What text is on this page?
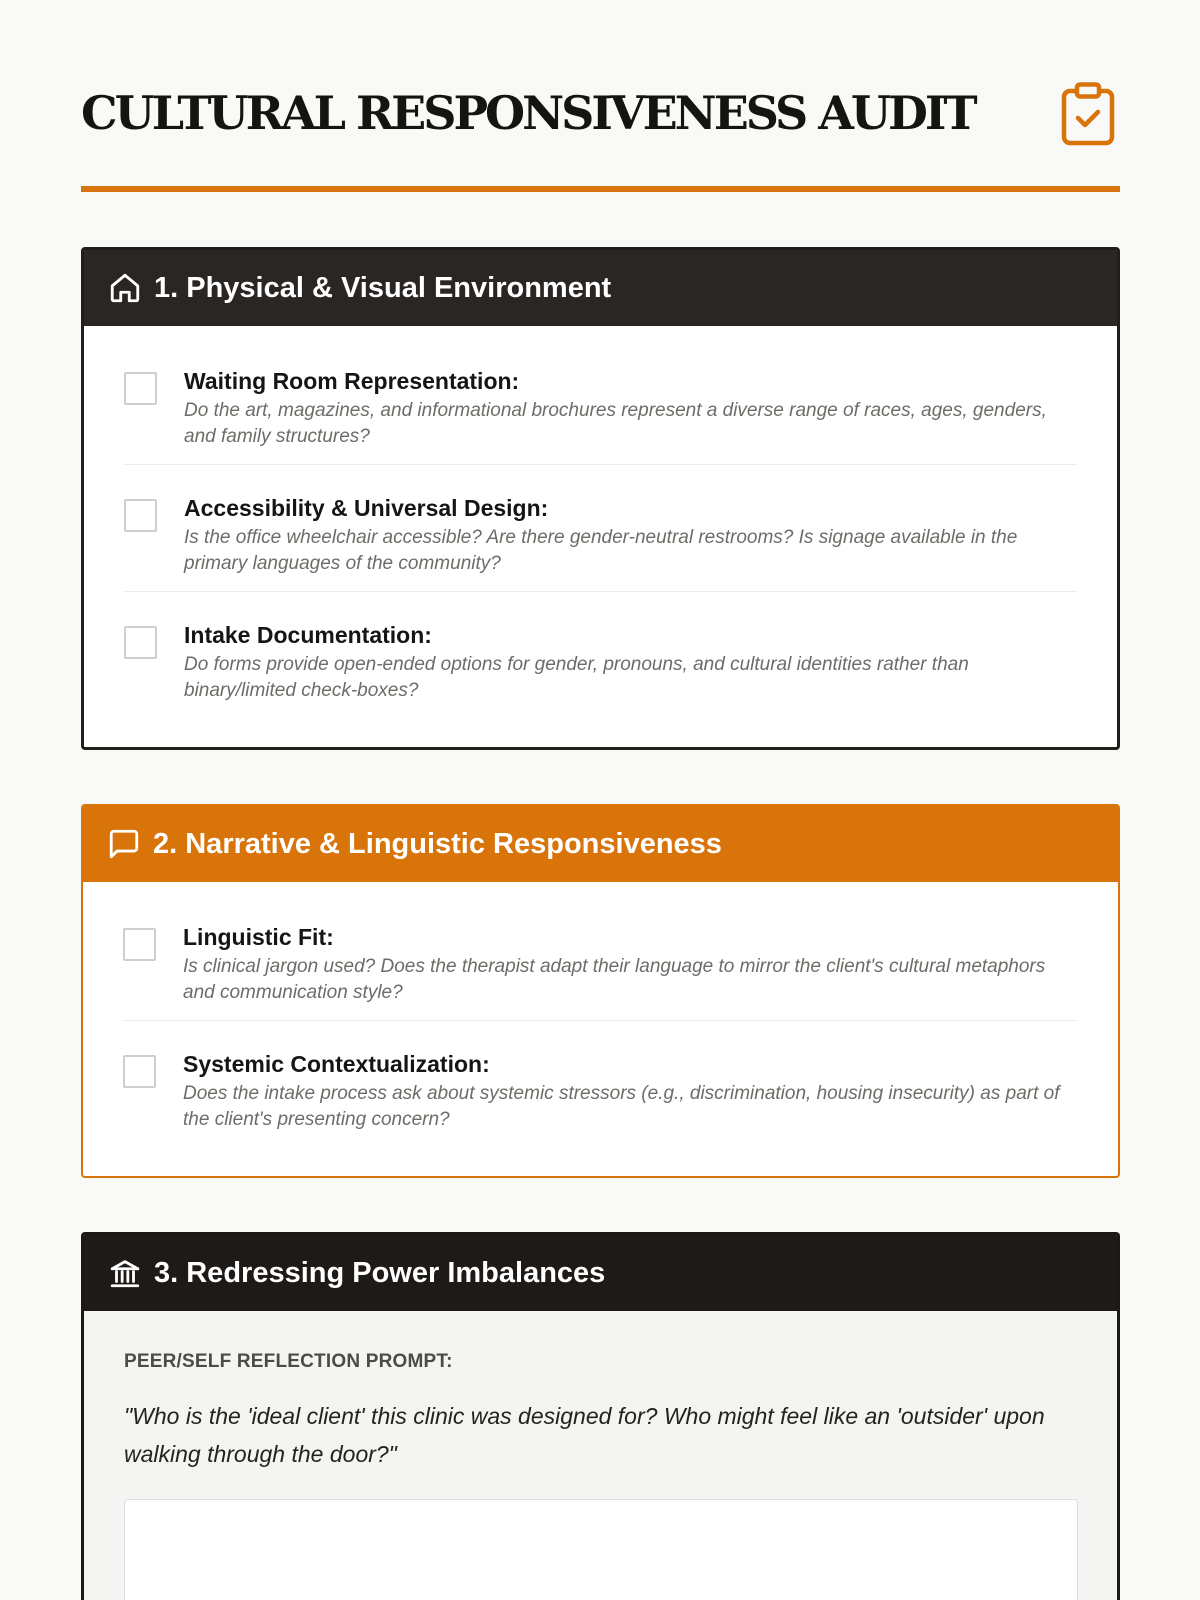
CULTURAL RESPONSIVENESS AUDIT
1. Physical & Visual Environment
Waiting Room Representation:
Do the art, magazines, and informational brochures represent a diverse range of races, ages, genders, and family structures?
Accessibility & Universal Design:
Is the office wheelchair accessible? Are there gender-neutral restrooms? Is signage available in the primary languages of the community?
Intake Documentation:
Do forms provide open-ended options for gender, pronouns, and cultural identities rather than binary/limited check-boxes?
2. Narrative & Linguistic Responsiveness
Linguistic Fit:
Is clinical jargon used? Does the therapist adapt their language to mirror the client's cultural metaphors and communication style?
Systemic Contextualization:
Does the intake process ask about systemic stressors (e.g., discrimination, housing insecurity) as part of the client's presenting concern?
3. Redressing Power Imbalances
PEER/SELF REFLECTION PROMPT:
"Who is the 'ideal client' this clinic was designed for? Who might feel like an 'outsider' upon walking through the door?"
